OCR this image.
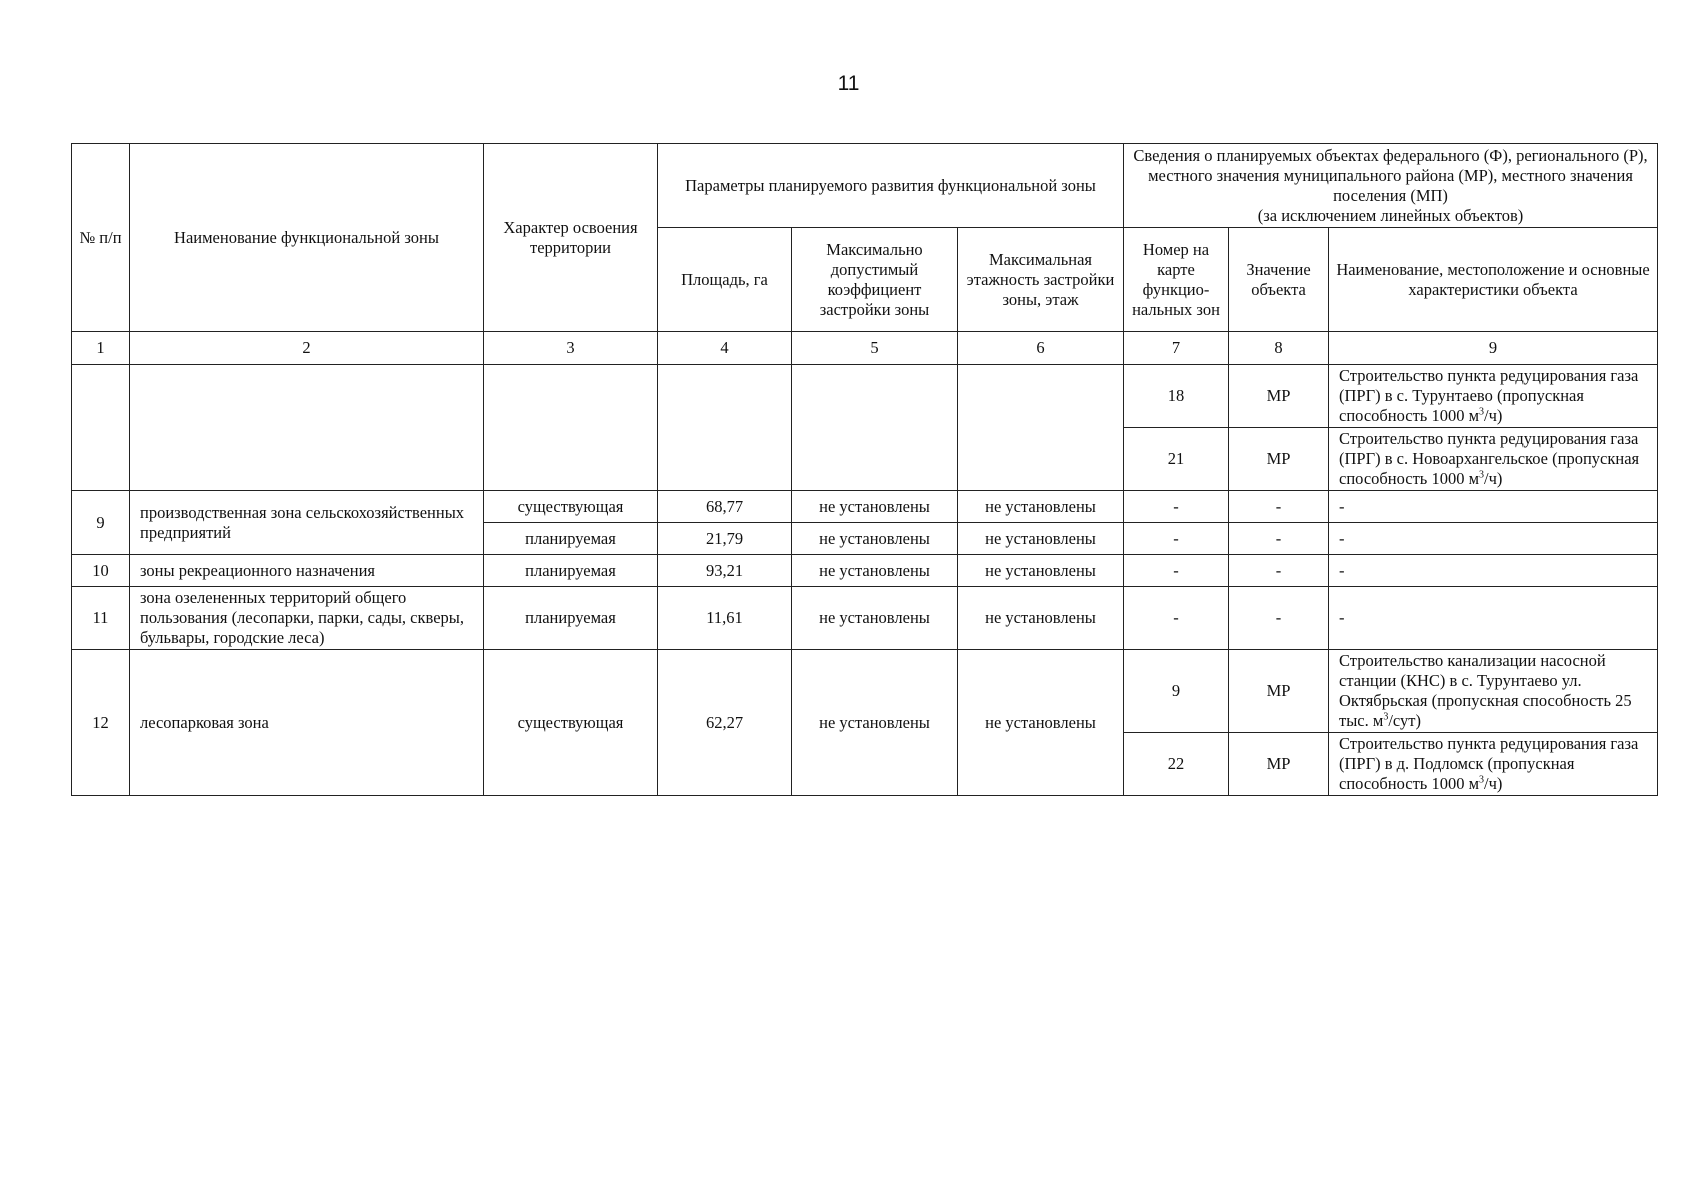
11
№ п/п	Наименование функциональной зоны	Характер освоения территории	Параметры планируемого развития функциональной зоны			Сведения о планируемых объектах федерального (Ф), регионального (Р), местного значения муниципального района (МР), местного значения поселения (МП)
(за исключением линейных объектов)		
			Площадь, га	Максимально допустимый коэффициент застройки зоны	Максимальная этажность застройки зоны, этаж	Номер на карте функцио-нальных зон	Значение объекта	Наименование, местоположение и основные характеристики объекта
1	2	3	4	5	6	7	8	9
						18	МР	Строительство пункта редуцирования газа (ПРГ) в с. Турунтаево (пропускная способность 1000 $м^3/ч$)
						21	МР	Строительство пункта редуцирования газа (ПРГ) в с. Новоархангельское (пропускная способность 1000 $м^3/ч$)
9	производственная зона сельскохозяйственных предприятий	существующая	68,77	не установлены	не установлены	-	-	-
		планируемая	21,79	не установлены	не установлены	-	-	-
10	зоны рекреационного назначения	планируемая	93,21	не установлены	не установлены	-	-	-
11	зона озелененных территорий общего пользования (лесопарки, парки, сады, скверы, бульвары, городские леса)	планируемая	11,61	не установлены	не установлены	-	-	-
12	лесопарковая зона	существующая	62,27	не установлены	не установлены	9	МР	Строительство канализации насосной станции (КНС) в с. Турунтаево ул. Октябрьская (пропускная способность 25 тыс. $м^3/сут$)
						22	МР	Строительство пункта редуцирования газа (ПРГ) в д. Подломск (пропускная способность 1000 $м^3/ч$)
